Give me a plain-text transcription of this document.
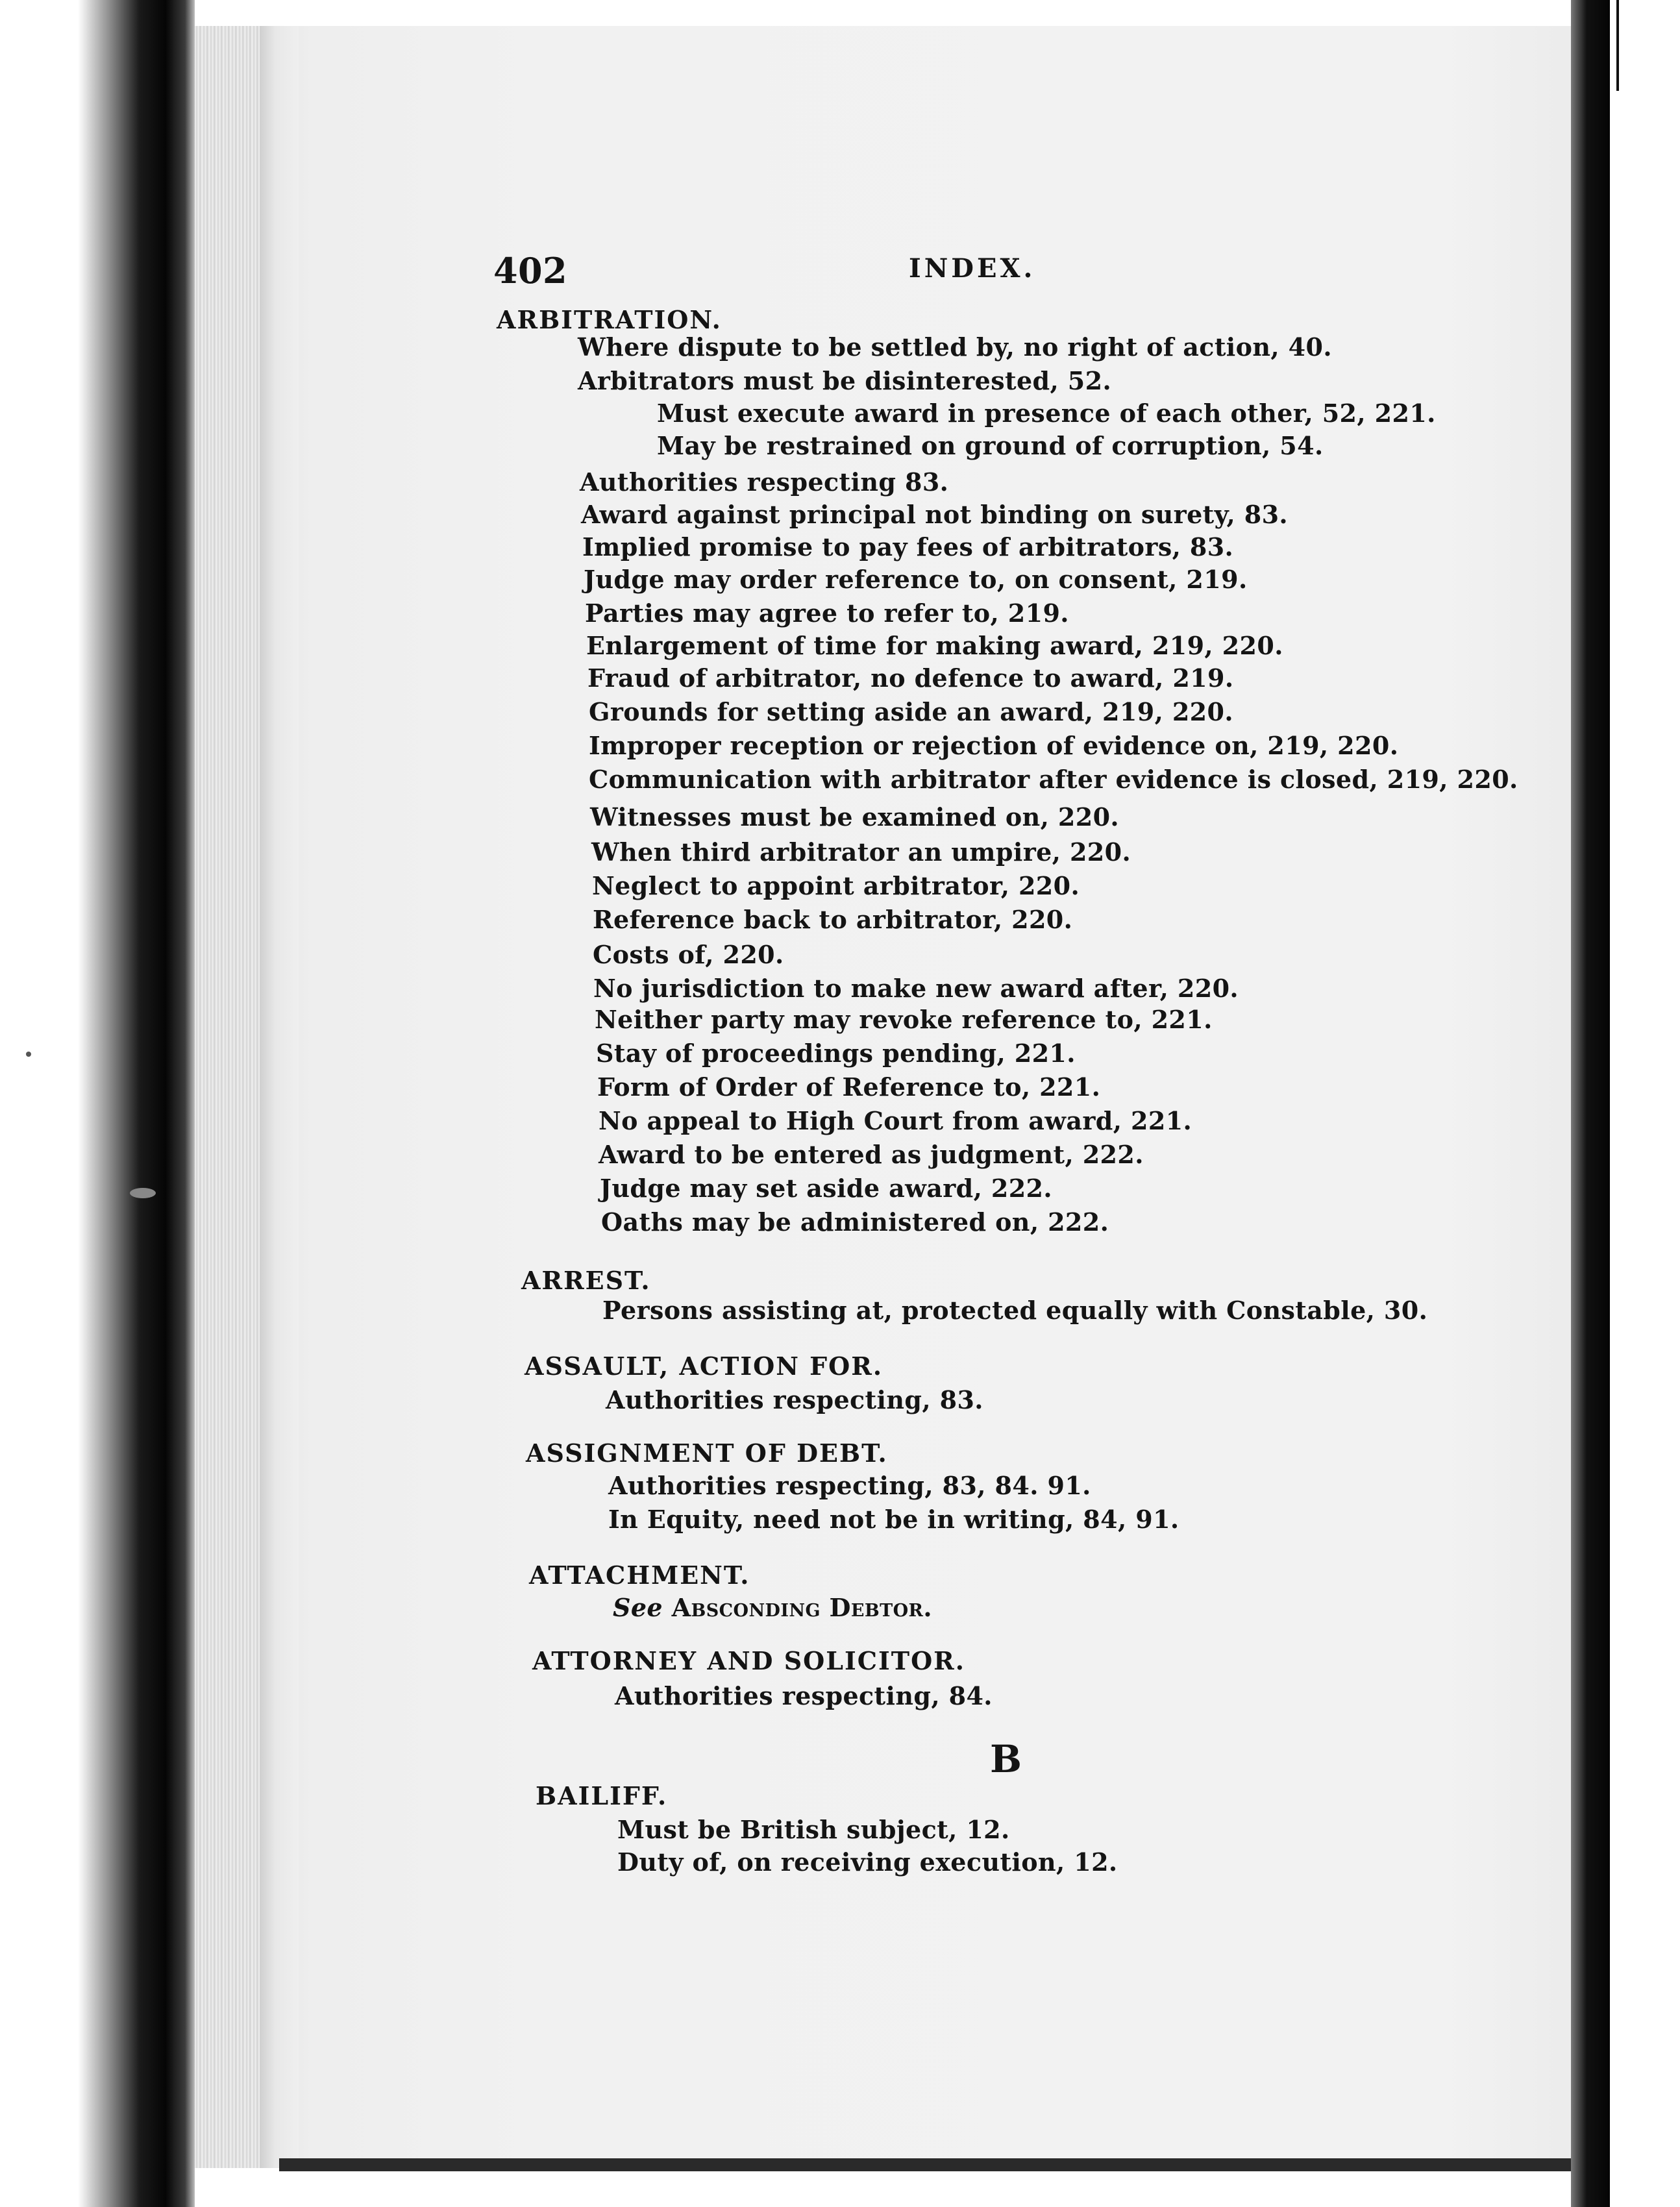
402	INDEX.
ARBITRATION.
Where dispute to be settled by, no right of action, 40.
Arbitrators must be disinterested, 52.
Must execute award in presence of each other, 52, 221.
May be restrained on ground of corruption, 54.
Authorities respecting 83.
Award against principal not binding on surety, 83.
Implied promise to pay fees of arbitrators, 83.
Judge may order reference to, on consent, 219.
Parties may agree to refer to, 219.
Enlargement of time for making award, 219, 220.
Fraud of arbitrator, no defence to award, 219.
Grounds for setting aside an award, 219, 220.
Improper reception or rejection of evidence on, 219, 220.
Communication with arbitrator after evidence is closed, 219, 220.
Witnesses must be examined on, 220.
When third arbitrator an umpire, 220.
Neglect to appoint arbitrator, 220.
Reference back to arbitrator, 220.
Costs of, 220.
No jurisdiction to make new award after, 220.
Neither party may revoke reference to, 221.
Stay of proceedings pending, 221.
Form of Order of Reference to, 221.
No appeal to High Court from award, 221.
Award to be entered as judgment, 222.
Judge may set aside award, 222.
Oaths may be administered on, 222.
ARREST.
Persons assisting at, protected equally with Constable, 30.
ASSAULT, ACTION FOR.
Authorities respecting, 83.
ASSIGNMENT OF DEBT.
Authorities respecting, 83, 84. 91.
In Equity, need not be in writing, 84, 91.
ATTACHMENT.
See Absconding Debtor.
ATTORNEY AND SOLICITOR.
Authorities respecting, 84.
B
BAILIFF.
Must be British subject, 12.
Duty of, on receiving execution, 12.
